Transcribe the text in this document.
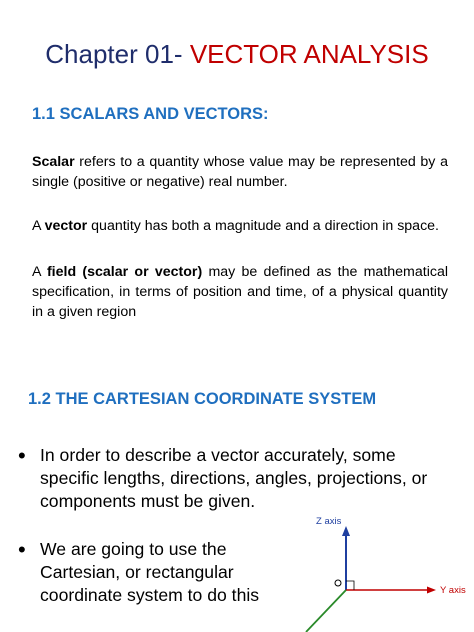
Chapter 01- VECTOR ANALYSIS
1.1 SCALARS AND VECTORS:
Scalar refers to a quantity whose value may be represented by a single (positive or negative) real number.
A vector quantity has both a magnitude and a direction in space.
A field (scalar or vector) may be defined as the mathematical specification, in terms of position and time, of a physical quantity in a given region
1.2 THE CARTESIAN COORDINATE SYSTEM
• In order to describe a vector accurately, some specific lengths, directions, angles, projections, or components must be given.
• We are going to use the Cartesian, or rectangular coordinate system to do this
Z axis
Y axis
